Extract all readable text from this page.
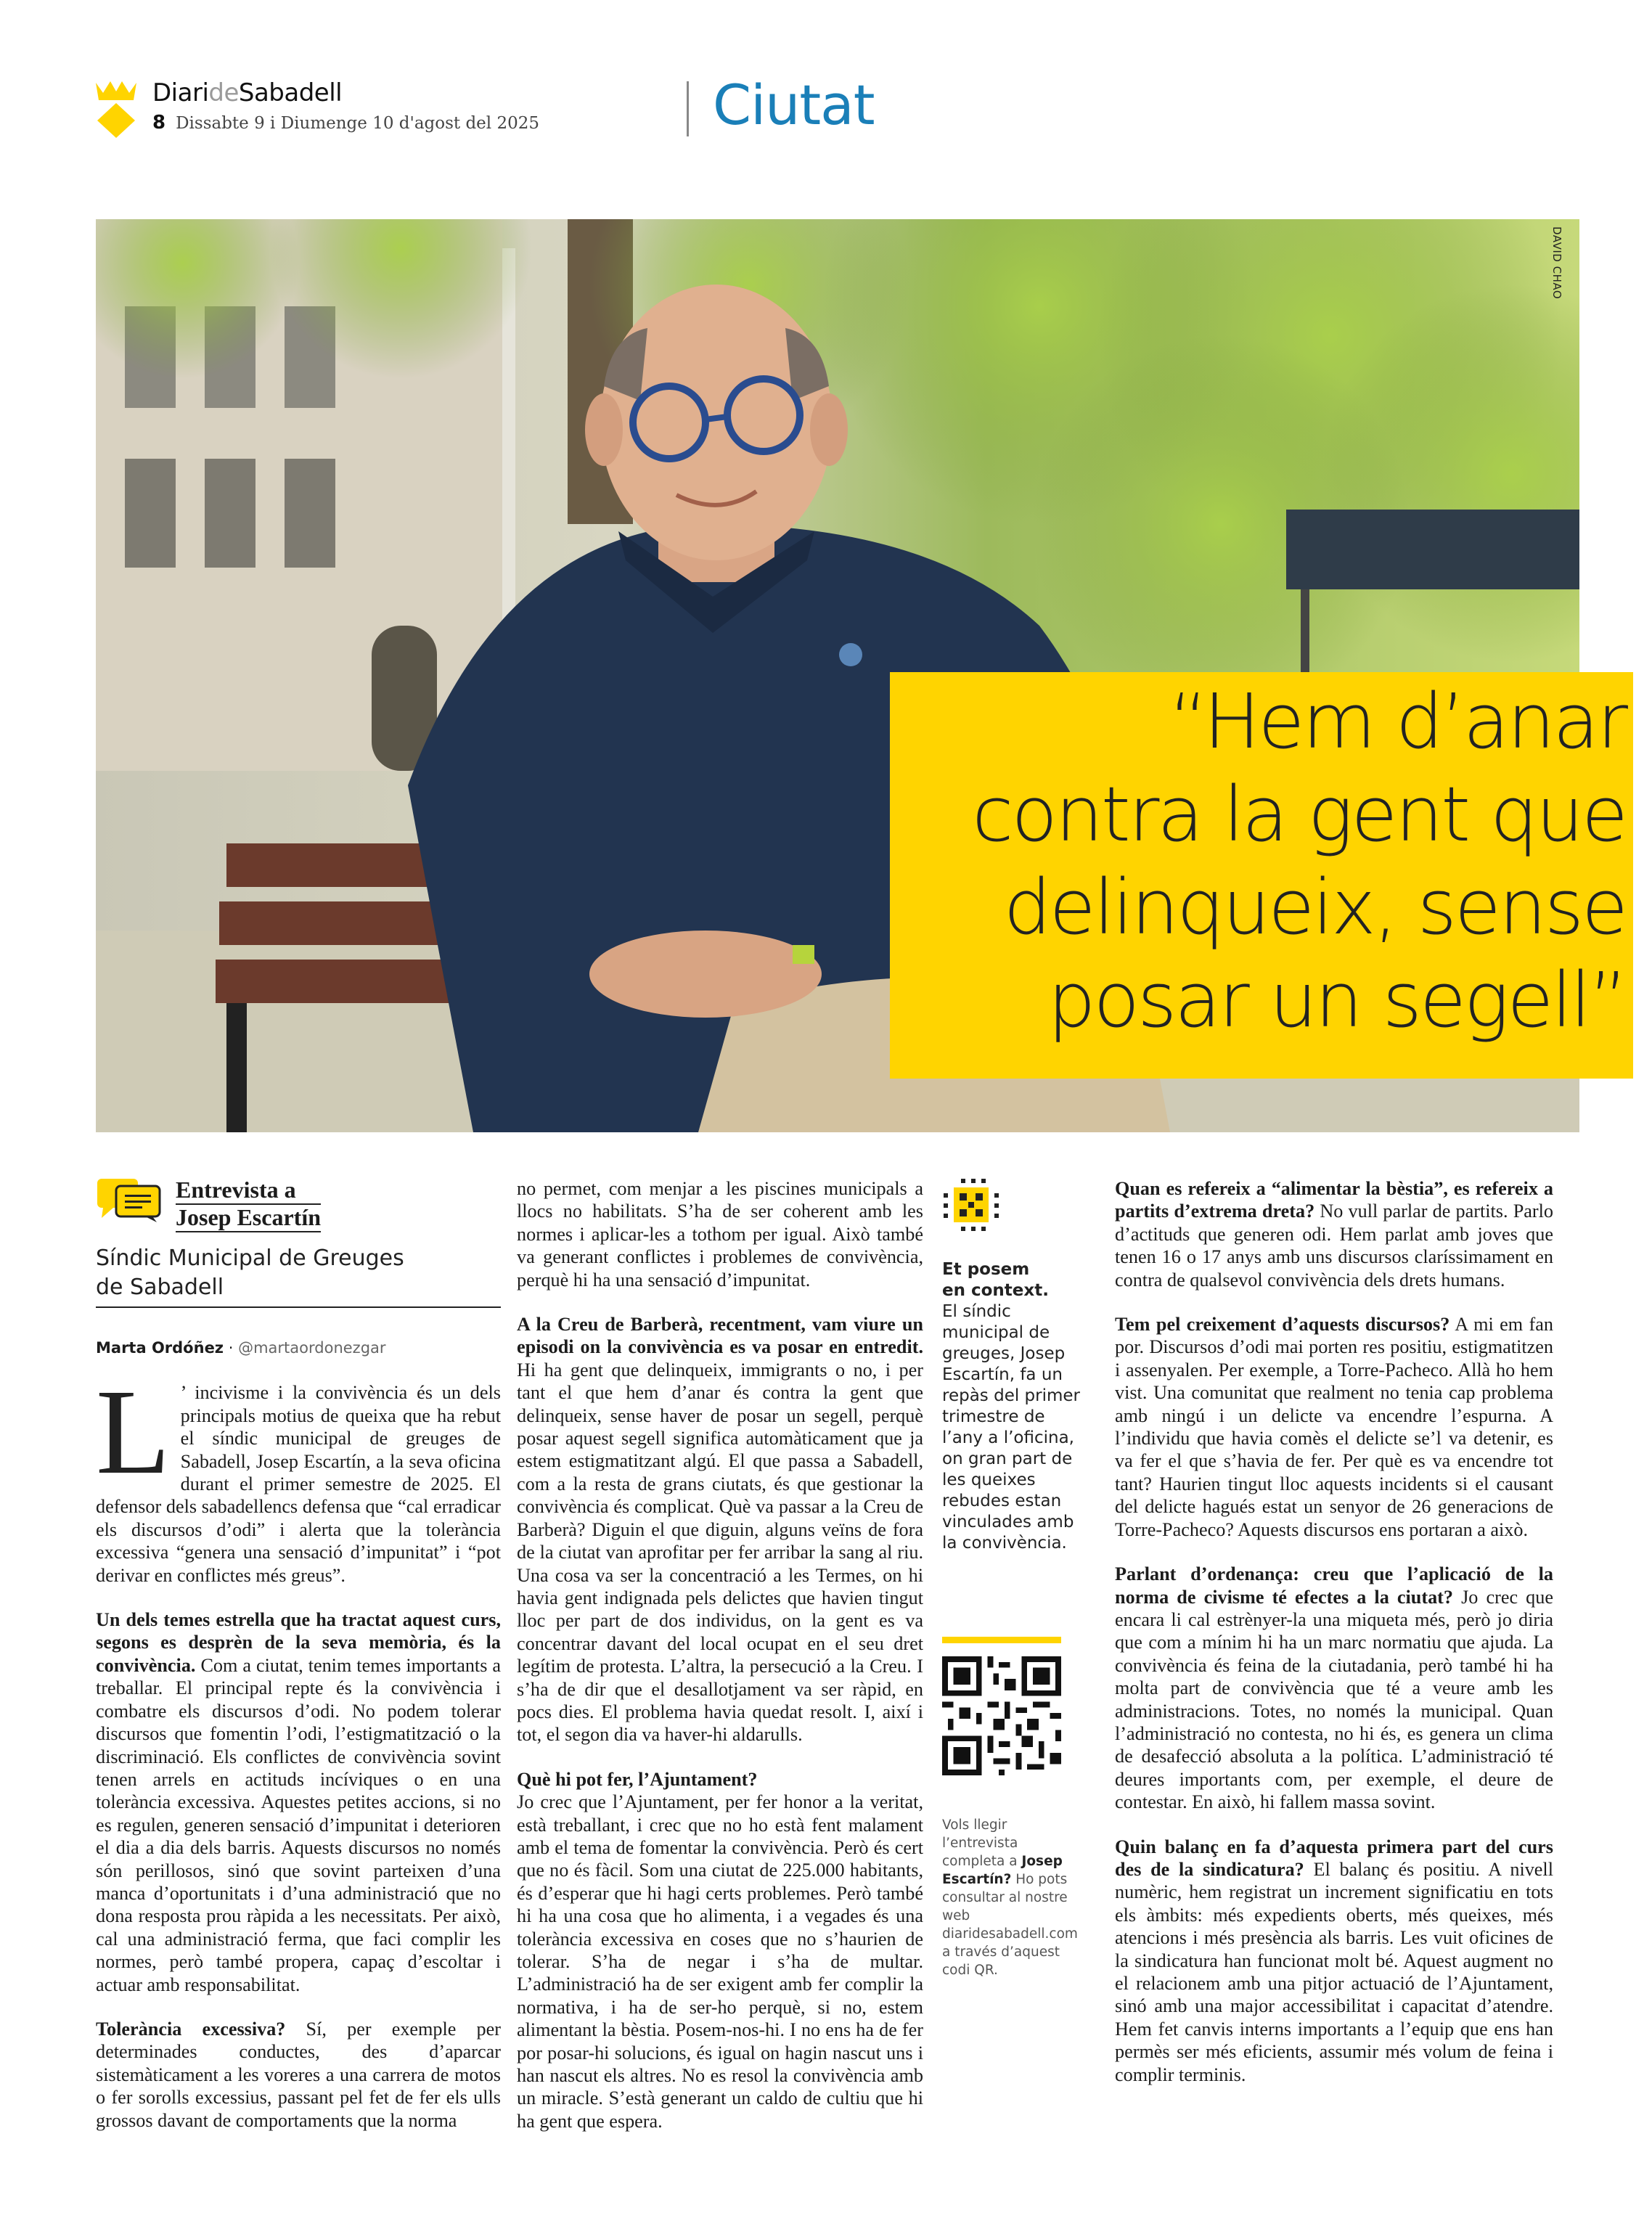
DiarideSabadell
8 Dissabte 9 i Diumenge 10 d'agost del 2025	Ciutat
DAVID CHAO
“Hem d’anar
contra la gent que
delinqueix, sense
posar un segell”
Entrevista a
Josep Escartín
Síndic Municipal de Greuges
de Sabadell
Marta Ordóñez · @martaordonezgar

L ’ incivisme i la convivència és un dels principals motius de queixa que ha rebut el síndic municipal de greuges de Sabadell, Josep Escartín, a la seva oficina durant el primer semestre de 2025. El defensor dels sabadellencs defensa que “cal erradicar els discursos d’odi” i alerta que la tolerància excessiva “genera una sensació d’impunitat” i “pot derivar en conflictes més greus”.

Un dels temes estrella que ha tractat aquest curs, segons es desprèn de la seva memòria, és la convivència. Com a ciutat, tenim temes importants a treballar. El principal repte és la convivència i combatre els discursos d’odi. No podem tolerar discursos que fomentin l’odi, l’estigmatització o la discriminació. Els conflictes de convivència sovint tenen arrels en actituds incíviques o en una tolerància excessiva. Aquestes petites accions, si no es regulen, generen sensació d’impunitat i deterioren el dia a dia dels barris. Aquests discursos no només són perillosos, sinó que sovint parteixen d’una manca d’oportunitats i d’una administració que no dona resposta prou ràpida a les necessitats. Per això, cal una administració ferma, que faci complir les normes, però també propera, capaç d’escoltar i actuar amb responsabilitat.

Tolerància excessiva? Sí, per exemple per determinades conductes, des d’aparcar sistemàticament a les voreres a una carrera de motos o fer sorolls excessius, passant pel fet de fer els ulls grossos davant de comportaments que la norma

no permet, com menjar a les piscines municipals a llocs no habilitats. S’ha de ser coherent amb les normes i aplicar-les a tothom per igual. Això també va generant conflictes i problemes de convivència, perquè hi ha una sensació d’impunitat.

A la Creu de Barberà, recentment, vam viure un episodi on la convivència es va posar en entredit. Hi ha gent que delinqueix, immigrants o no, i per tant el que hem d’anar és contra la gent que delinqueix, sense haver de posar un segell, perquè posar aquest segell significa automàticament que ja estem estigmatitzant algú. El que passa a Sabadell, com a la resta de grans ciutats, és que gestionar la convivència és complicat. Què va passar a la Creu de Barberà? Diguin el que diguin, alguns veïns de fora de la ciutat van aprofitar per fer arribar la sang al riu. Una cosa va ser la concentració a les Termes, on hi havia gent indignada pels delictes que havien tingut lloc per part de dos individus, on la gent es va concentrar davant del local ocupat en el seu dret legítim de protesta. L’altra, la persecució a la Creu. I s’ha de dir que el desallotjament va ser ràpid, en pocs dies. El problema havia quedat resolt. I, així i tot, el segon dia va haver-hi aldarulls.

Què hi pot fer, l’Ajuntament?
Jo crec que l’Ajuntament, per fer honor a la veritat, està treballant, i crec que no ho està fent malament amb el tema de fomentar la convivència. Però és cert que no és fàcil. Som una ciutat de 225.000 habitants, és d’esperar que hi hagi certs problemes. Però també hi ha una cosa que ho alimenta, i a vegades és una tolerància excessiva en coses que no s’haurien de tolerar. S’ha de negar i s’ha de multar. L’administració ha de ser exigent amb fer complir la normativa, i ha de ser-ho perquè, si no, estem alimentant la bèstia. Posem-nos-hi. I no ens ha de fer por posar-hi solucions, és igual on hagin nascut uns i han nascut els altres. No es resol la convivència amb un miracle. S’està generant un caldo de cultiu que hi ha gent que espera.

Et posem
en context.
El síndic municipal de greuges, Josep Escartín, fa un repàs del primer trimestre de l’any a l’oficina, on gran part de les queixes rebudes estan vinculades amb la convivència.
Vols llegir l’entrevista completa a Josep Escartín? Ho pots consultar al nostre web diaridesabadell.com a través d’aquest codi QR.

Quan es refereix a “alimentar la bèstia”, es refereix a partits d’extrema dreta? No vull parlar de partits. Parlo d’actituds que generen odi. Hem parlat amb joves que tenen 16 o 17 anys amb uns discursos claríssimament en contra de qualsevol convivència dels drets humans.

Tem pel creixement d’aquests discursos? A mi em fan por. Discursos d’odi mai porten res positiu, estigmatitzen i assenyalen. Per exemple, a Torre-Pacheco. Allà ho hem vist. Una comunitat que realment no tenia cap problema amb ningú i un delicte va encendre l’espurna. A l’individu que havia comès el delicte se’l va detenir, es va fer el que s’havia de fer. Per què es va encendre tot tant? Haurien tingut lloc aquests incidents si el causant del delicte hagués estat un senyor de 26 generacions de Torre-Pacheco? Aquests discursos ens portaran a això.

Parlant d’ordenança: creu que l’aplicació de la norma de civisme té efectes a la ciutat? Jo crec que encara li cal estrènyer-la una miqueta més, però jo diria que com a mínim hi ha un marc normatiu que ajuda. La convivència és feina de la ciutadania, però també hi ha molta part de convivència que té a veure amb les administracions. Totes, no només la municipal. Quan l’administració no contesta, no hi és, es genera un clima de desafecció absoluta a la política. L’administració té deures importants com, per exemple, el deure de contestar. En això, hi fallem massa sovint.

Quin balanç en fa d’aquesta primera part del curs des de la sindicatura? El balanç és positiu. A nivell numèric, hem registrat un increment significatiu en tots els àmbits: més expedients oberts, més queixes, més atencions i més presència als barris. Les vuit oficines de la sindicatura han funcionat molt bé. Aquest augment no el relacionem amb una pitjor actuació de l’Ajuntament, sinó amb una major accessibilitat i capacitat d’atendre. Hem fet canvis interns importants a l’equip que ens han permès ser més eficients, assumir més volum de feina i complir terminis.
